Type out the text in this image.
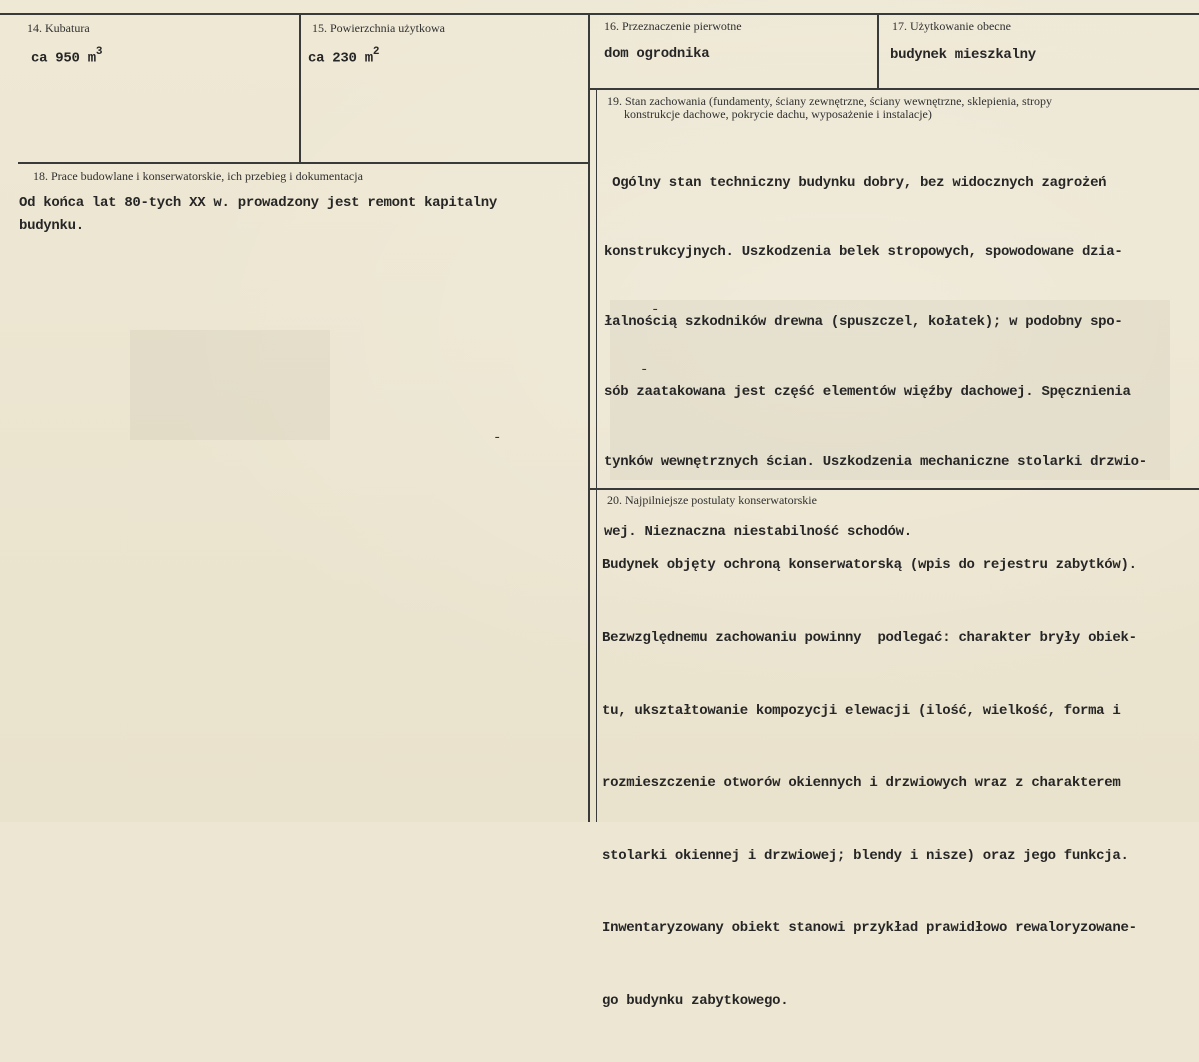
14. Kubatura
ca 950 $m^3$
15. Powierzchnia użytkowa
ca 230 $m^2$
16. Przeznaczenie pierwotne
dom ogrodnika
17. Użytkowanie obecne
budynek mieszkalny
18. Prace budowlane i konserwatorskie, ich przebieg i dokumentacja
Od końca lat 80-tych XX w. prowadzony jest remont kapitalny
budynku.
19. Stan zachowania (fundamenty, ściany zewnętrzne, ściany wewnętrzne, sklepienia, stropy
konstrukcje dachowe, pokrycie dachu, wyposażenie i instalacje)

Ogólny stan techniczny budynku dobry, bez widocznych zagrożeń

konstrukcyjnych. Uszkodzenia belek stropowych, spowodowane dzia-

łalnością szkodników drewna (spuszczel, kołatek); w podobny spo-

sób zaatakowana jest część elementów więźby dachowej. Spęcznienia

tynków wewnętrznych ścian. Uszkodzenia mechaniczne stolarki drzwio-

wej. Nieznaczna niestabilność schodów.

-
-
-
20. Najpilniejsze postulaty konserwatorskie

Budynek objęty ochroną konserwatorską (wpis do rejestru zabytków).

Bezwzględnemu zachowaniu powinny  podlegać: charakter bryły obiek-

tu, ukształtowanie kompozycji elewacji (ilość, wielkość, forma i

rozmieszczenie otworów okiennych i drzwiowych wraz z charakterem

stolarki okiennej i drzwiowej; blendy i nisze) oraz jego funkcja.

Inwentaryzowany obiekt stanowi przykład prawidłowo rewaloryzowane-

go budynku zabytkowego.
